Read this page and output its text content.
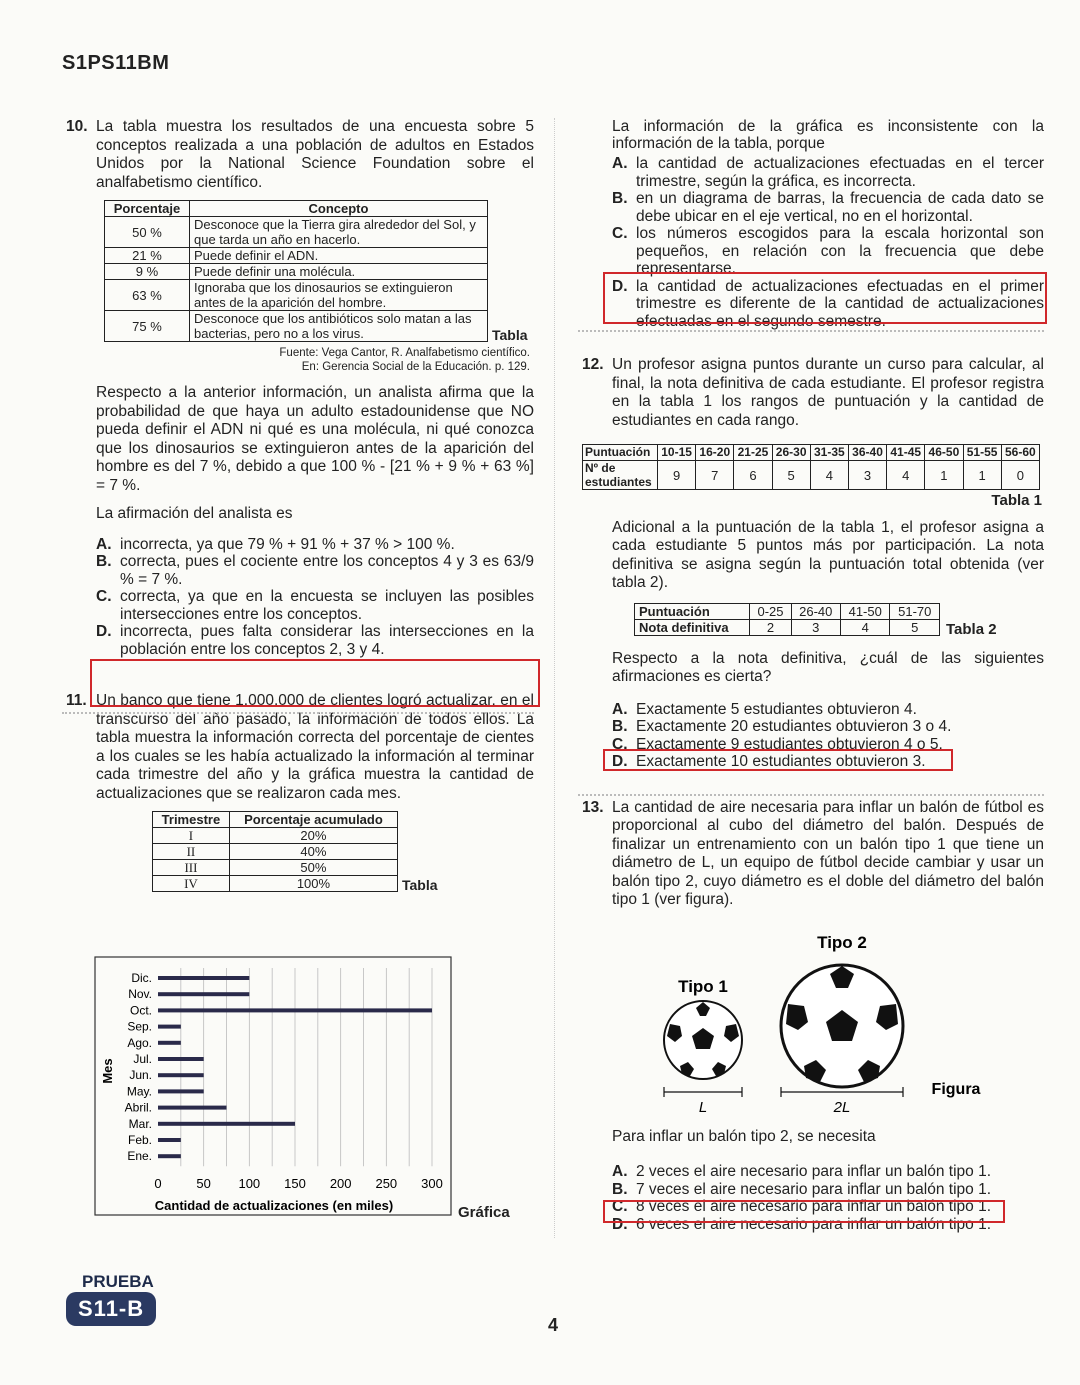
S1PS11BM
10. La tabla muestra los resultados de una encuesta sobre 5 conceptos realizada a una población de adultos en Estados Unidos por la National Science Foundation sobre el analfabetismo científico.
Porcentaje	Concepto
50 %	Desconoce que la Tierra gira alrededor del Sol, y que tarda un año en hacerlo.
21 %	Puede definir el ADN.
9 %	Puede definir una molécula.
63 %	Ignoraba que los dinosaurios se extinguieron antes de la aparición del hombre.
75 %	Desconoce que los antibióticos solo matan a las bacterias, pero no a los virus.	Tabla
Fuente: Vega Cantor, R. Analfabetismo científico.
En: Gerencia Social de la Educación. p. 129.
Respecto a la anterior información, un analista afirma que la probabilidad de que haya un adulto estadounidense que NO pueda definir el ADN ni qué es una molécula, ni qué conozca que los dinosaurios se extinguieron antes de la aparición del hombre es del 7 %, debido a que 100 % - [21 % + 9 % + 63 %] = 7 %.
La afirmación del analista es
A. incorrecta, ya que 79 % + 91 % + 37 % > 100 %.
B. correcta, pues el cociente entre los conceptos 4 y 3 es 63/9 % = 7 %.
C. correcta, ya que en la encuesta se incluyen las posibles intersecciones entre los conceptos.
D. incorrecta, pues falta considerar las intersecciones en la población entre los conceptos 2, 3 y 4.
11. Un banco que tiene 1.000.000 de clientes logró actualizar, en el transcurso del año pasado, la información de todos ellos. La tabla muestra la información correcta del porcentaje de cientes a los cuales se les había actualizado la información al terminar cada trimestre del año y la gráfica muestra la cantidad de actualizaciones que se realizaron cada mes.
Trimestre	Porcentaje acumulado
I	20%
II	40%
III	50%
IV	100%	Tabla
Dic.
Nov.
Oct.
Sep.
Ago.
Jul.
Jun.
May.
Abril.
Mar.
Feb.
Ene.
0	50 100 150 200 250 300
Mes
Cantidad de actualizaciones (en miles)	Gráfica
La información de la gráfica es inconsistente con la información de la tabla, porque
A. la cantidad de actualizaciones efectuadas en el tercer trimestre, según la gráfica, es incorrecta.
B. en un diagrama de barras, la frecuencia de cada dato se debe ubicar en el eje vertical, no en el horizontal.
C. los números escogidos para la escala horizontal son pequeños, en relación con la frecuencia que debe representarse.
D. la cantidad de actualizaciones efectuadas en el primer trimestre es diferente de la cantidad de actualizaciones efectuadas en el segundo semestre.
12. Un profesor asigna puntos durante un curso para calcular, al final, la nota definitiva de cada estudiante. El profesor registra en la tabla 1 los rangos de puntuación y la cantidad de estudiantes en cada rango.
Puntuación	10-15	16-20	21-25	26-30	31-35	36-40	41-45	46-50	51-55	56-60
Nº de estudiantes	9	7	6	5	4	3	4	1	1	0
Tabla 1
Adicional a la puntuación de la tabla 1, el profesor asigna a cada estudiante 5 puntos más por participación. La nota definitiva se asigna según la puntuación total obtenida (ver tabla 2).
Puntuación	0-25	26-40	41-50	51-70
Nota definitiva	2	3	4	5 Tabla 2
Respecto a la nota definitiva, ¿cuál de las siguientes afirmaciones es cierta?
A. Exactamente 5 estudiantes obtuvieron 4.
B. Exactamente 20 estudiantes obtuvieron 3 o 4.
C. Exactamente 9 estudiantes obtuvieron 4 o 5.
D. Exactamente 10 estudiantes obtuvieron 3.
13. La cantidad de aire necesaria para inflar un balón de fútbol es proporcional al cubo del diámetro del balón. Después de finalizar un entrenamiento con un balón tipo 1 que tiene un diámetro de L, un equipo de fútbol decide cambiar y usar un balón tipo 2, cuyo diámetro es el doble del diámetro del balón tipo 1 (ver figura).
Tipo 1
Tipo 2
L	2L
Figura
Para inflar un balón tipo 2, se necesita
A. 2 veces el aire necesario para inflar un balón tipo 1.
B. 7 veces el aire necesario para inflar un balón tipo 1.
C. 8 veces el aire necesario para inflar un balón tipo 1.
D. 6 veces el aire necesario para inflar un balón tipo 1.
PRUEBA
S11-B
4
